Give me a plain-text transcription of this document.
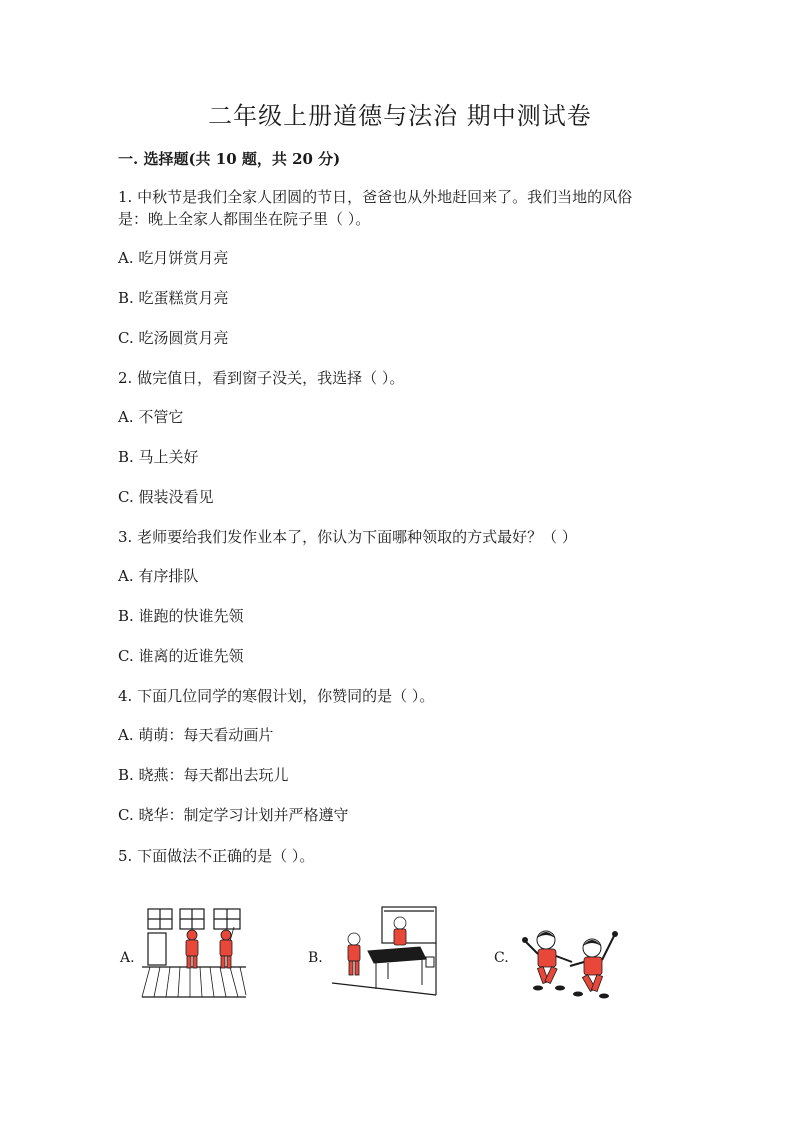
二年级上册道德与法治 期中测试卷
一. 选择题(共 10 题，共 20 分)
1. 中秋节是我们全家人团圆的节日，爸爸也从外地赶回来了。我们当地的风俗
是：晚上全家人都围坐在院子里（ ）。
A. 吃月饼赏月亮
B. 吃蛋糕赏月亮
C. 吃汤圆赏月亮
2. 做完值日，看到窗子没关，我选择（ ）。
A. 不管它
B. 马上关好
C. 假装没看见
3. 老师要给我们发作业本了，你认为下面哪种领取的方式最好？（ ）
A. 有序排队
B. 谁跑的快谁先领
C. 谁离的近谁先领
4. 下面几位同学的寒假计划，你赞同的是（ ）。
A. 萌萌：每天看动画片
B. 晓燕：每天都出去玩儿
C. 晓华：制定学习计划并严格遵守
5. 下面做法不正确的是（ ）。
A.	B.	C.
